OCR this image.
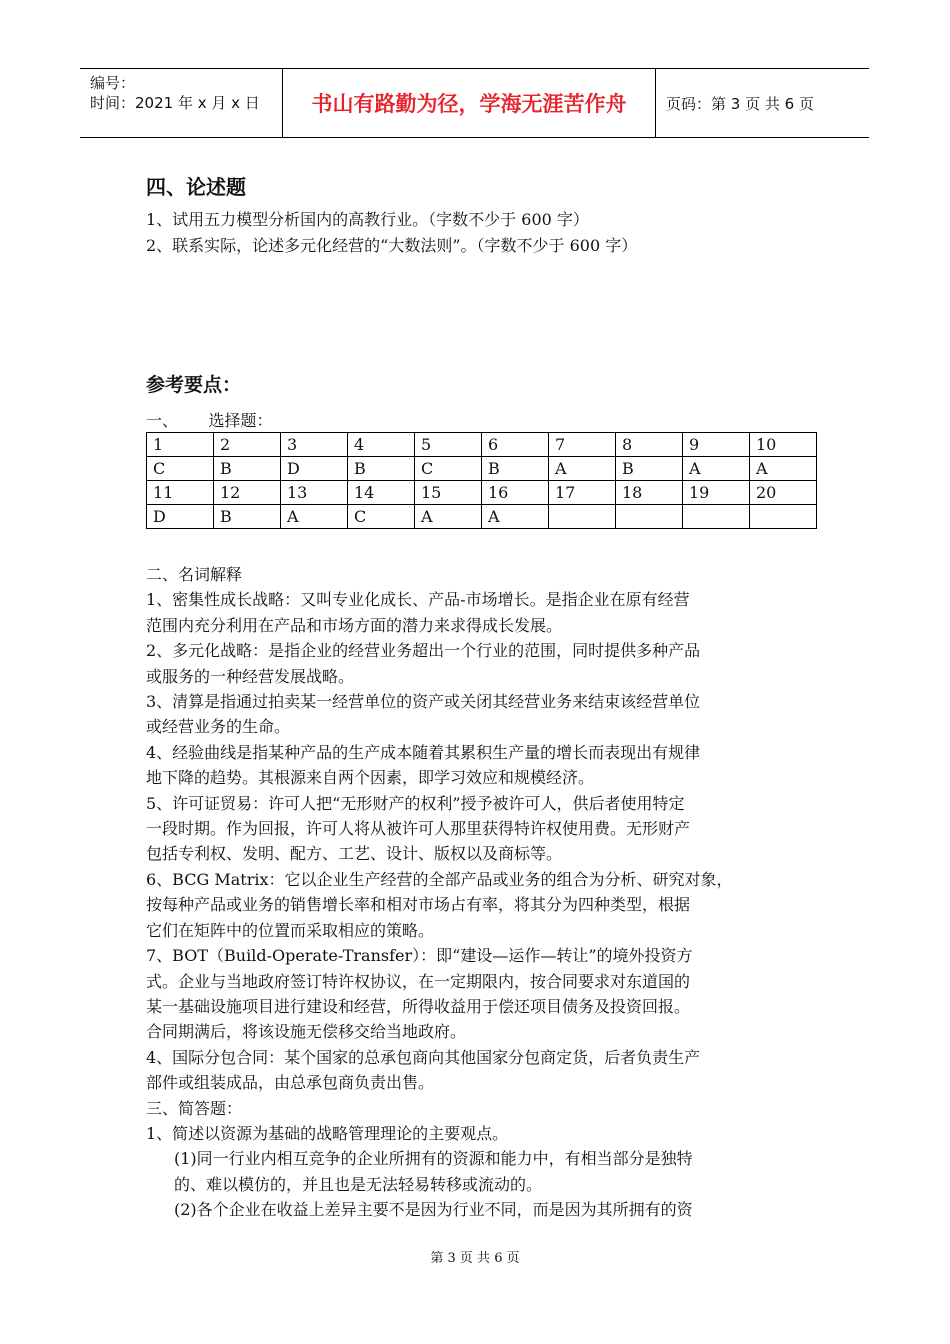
编号：
时间：2021 年 x 月 x 日	书山有路勤为径，学海无涯苦作舟	页码：第 3 页 共 6 页
四、论述题
1、试用五力模型分析国内的高教行业。（字数不少于 600 字）
2、联系实际，论述多元化经营的“大数法则”。（字数不少于 600 字）
参考要点：
一、      选择题：
1	2	3	4	5	6	7	8	9	10
C	B	D	B	C	B	A	B	A	A
11	12	13	14	15	16	17	18	19	20
D	B	A	C	A	A				

二、名词解释

1、密集性成长战略：又叫专业化成长、产品-市场增长。是指企业在原有经营

范围内充分利用在产品和市场方面的潜力来求得成长发展。

2、多元化战略：是指企业的经营业务超出一个行业的范围，同时提供多种产品

或服务的一种经营发展战略。

3、清算是指通过拍卖某一经营单位的资产或关闭其经营业务来结束该经营单位

或经营业务的生命。

4、经验曲线是指某种产品的生产成本随着其累积生产量的增长而表现出有规律

地下降的趋势。其根源来自两个因素，即学习效应和规模经济。

5、许可证贸易：许可人把“无形财产的权利”授予被许可人，供后者使用特定

一段时期。作为回报，许可人将从被许可人那里获得特许权使用费。无形财产

包括专利权、发明、配方、工艺、设计、版权以及商标等。

6、BCG Matrix：它以企业生产经营的全部产品或业务的组合为分析、研究对象，

按每种产品或业务的销售增长率和相对市场占有率，将其分为四种类型，根据

它们在矩阵中的位置而采取相应的策略。

7、BOT（Build-Operate-Transfer）：即“建设—运作—转让”的境外投资方

式。企业与当地政府签订特许权协议，在一定期限内，按合同要求对东道国的

某一基础设施项目进行建设和经营，所得收益用于偿还项目债务及投资回报。

合同期满后，将该设施无偿移交给当地政府。

4、国际分包合同：某个国家的总承包商向其他国家分包商定货，后者负责生产

部件或组装成品，由总承包商负责出售。

三、简答题：

1、简述以资源为基础的战略管理理论的主要观点。

(1)同一行业内相互竞争的企业所拥有的资源和能力中，有相当部分是独特

的、难以模仿的，并且也是无法轻易转移或流动的。

(2)各个企业在收益上差异主要不是因为行业不同，而是因为其所拥有的资

第 3 页 共 6 页
